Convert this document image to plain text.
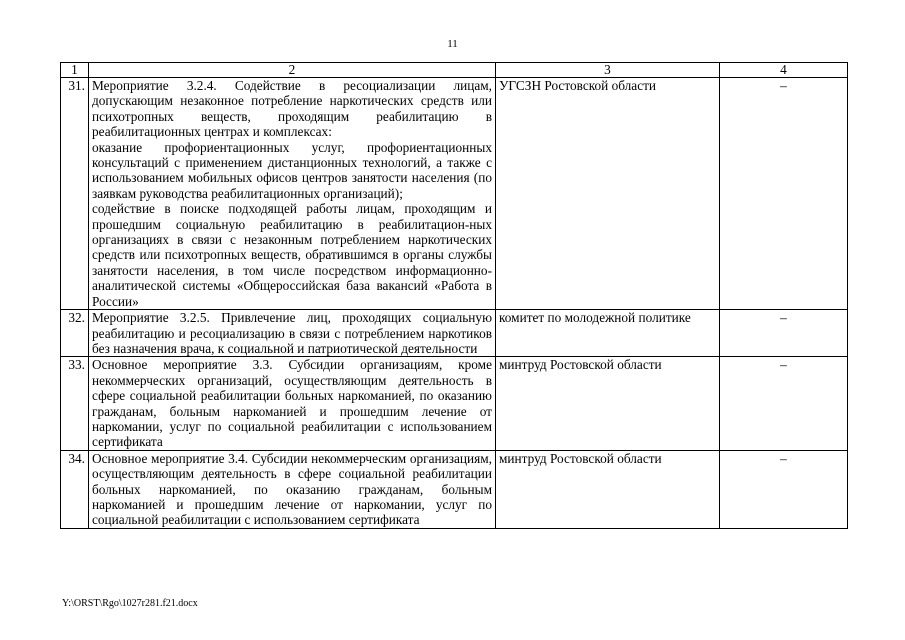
11
1	2	3	4
31.	Мероприятие 3.2.4. Содействие в ресоциализации лицам, допускающим незаконное потребление наркотических средств или психотропных веществ, проходящим реабилитацию в реабилитационных центрах и комплексах:
оказание профориентационных услуг, профориентационных консультаций с применением дистанционных технологий, а также с использованием мобильных офисов центров занятости населения (по заявкам руководства реабилитационных организаций);
содействие в поиске подходящей работы лицам, проходящим и прошедшим социальную реабилитацию в реабилитацион-ных организациях в связи с незаконным потреблением наркотических средств или психотропных веществ, обратившимся в органы службы занятости населения, в том числе посредством информационно-аналитической системы «Общероссийская база вакансий «Работа в России»	УГСЗН Ростовской области	–
32.	Мероприятие 3.2.5. Привлечение лиц, проходящих социальную реабилитацию и ресоциализацию в связи с потреблением наркотиков без назначения врача, к социальной и патриотической деятельности	комитет по молодежной политике	–
33.	Основное мероприятие 3.3. Субсидии организациям, кроме некоммерческих организаций, осуществляющим деятельность в сфере социальной реабилитации больных наркоманией, по оказанию гражданам, больным наркоманией и прошедшим лечение от наркомании, услуг по социальной реабилитации с использованием сертификата	минтруд Ростовской области	–
34.	Основное мероприятие 3.4. Субсидии некоммерческим организациям, осуществляющим деятельность в сфере социальной реабилитации больных наркоманией, по оказанию гражданам, больным наркоманией и прошедшим лечение от наркомании, услуг по социальной реабилитации с использованием сертификата	минтруд Ростовской области	–
Y:\ORST\Rgo\1027r281.f21.docx
